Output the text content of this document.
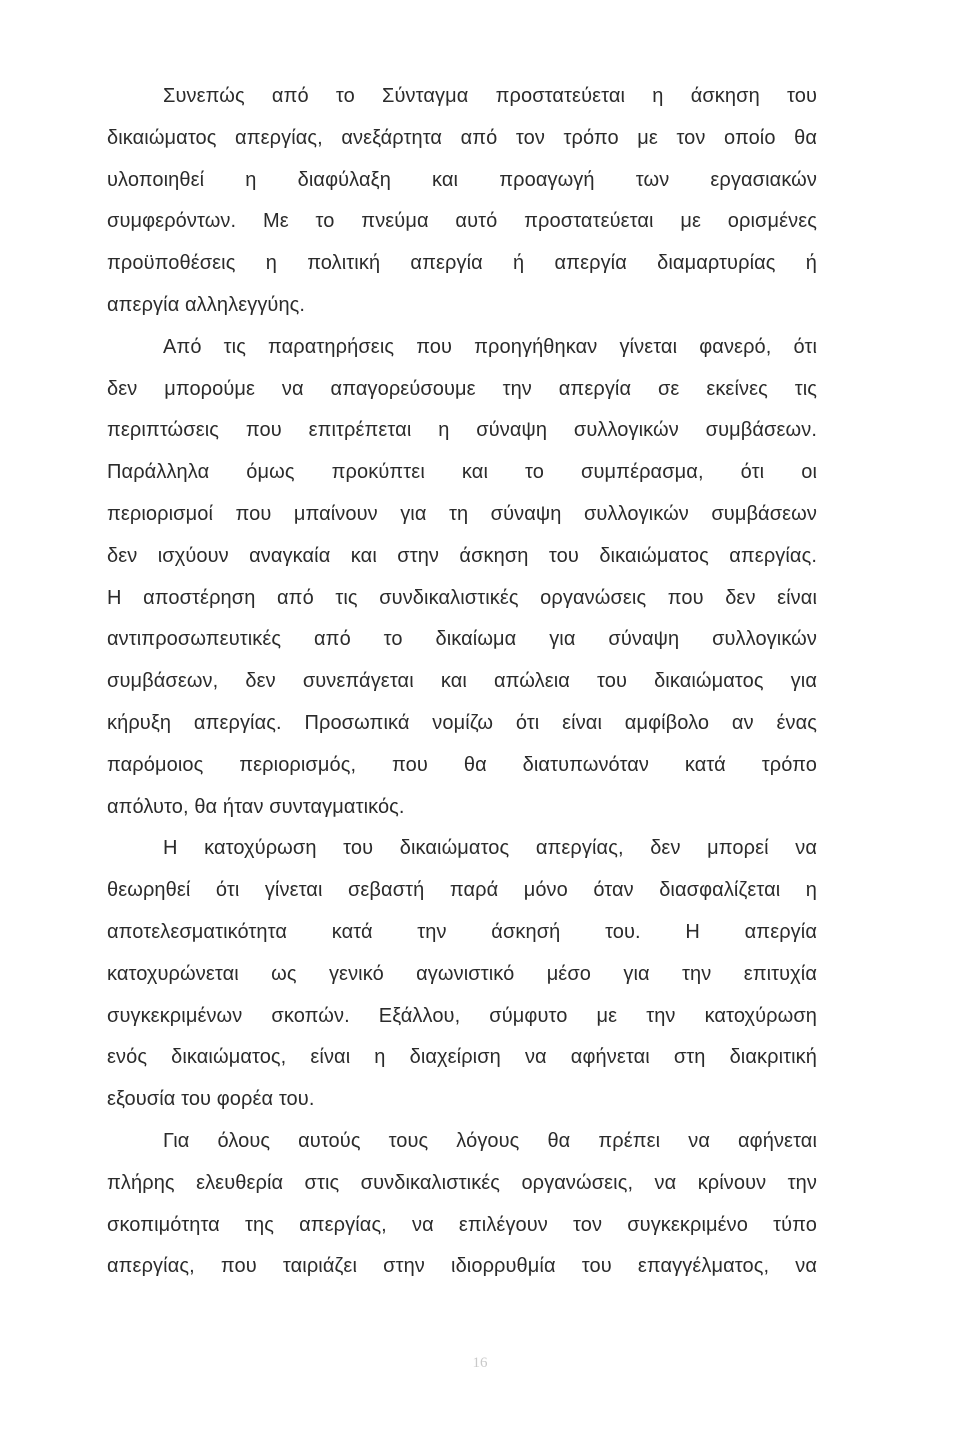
Συνεπώς από το Σύνταγμα προστατεύεται η άσκηση του
δικαιώματος απεργίας, ανεξάρτητα από τον τρόπο με τον οποίο θα
υλοποιηθεί η διαφύλαξη και προαγωγή των εργασιακών
συμφερόντων. Με το πνεύμα αυτό προστατεύεται με ορισμένες
προϋποθέσεις η πολιτική απεργία ή απεργία διαμαρτυρίας ή
απεργία αλληλεγγύης.
Από τις παρατηρήσεις που προηγήθηκαν γίνεται φανερό, ότι
δεν μπορούμε να απαγορεύσουμε την απεργία σε εκείνες τις
περιπτώσεις που επιτρέπεται η σύναψη συλλογικών συμβάσεων.
Παράλληλα όμως προκύπτει και το συμπέρασμα, ότι οι
περιορισμοί που μπαίνουν για τη σύναψη συλλογικών συμβάσεων
δεν ισχύουν αναγκαία και στην άσκηση του δικαιώματος απεργίας.
Η αποστέρηση από τις συνδικαλιστικές οργανώσεις που δεν είναι
αντιπροσωπευτικές από το δικαίωμα για σύναψη συλλογικών
συμβάσεων, δεν συνεπάγεται και απώλεια του δικαιώματος για
κήρυξη απεργίας. Προσωπικά νομίζω ότι είναι αμφίβολο αν ένας
παρόμοιος περιορισμός, που θα διατυπωνόταν κατά τρόπο
απόλυτο, θα ήταν συνταγματικός.
Η κατοχύρωση του δικαιώματος απεργίας, δεν μπορεί να
θεωρηθεί ότι γίνεται σεβαστή παρά μόνο όταν διασφαλίζεται η
αποτελεσματικότητα κατά την άσκησή του. Η απεργία
κατοχυρώνεται ως γενικό αγωνιστικό μέσο για την επιτυχία
συγκεκριμένων σκοπών. Εξάλλου, σύμφυτο με την κατοχύρωση
ενός δικαιώματος, είναι η διαχείριση να αφήνεται στη διακριτική
εξουσία του φορέα του.
Για όλους αυτούς τους λόγους θα πρέπει να αφήνεται
πλήρης ελευθερία στις συνδικαλιστικές οργανώσεις, να κρίνουν την
σκοπιμότητα της απεργίας, να επιλέγουν τον συγκεκριμένο τύπο
απεργίας, που ταιριάζει στην ιδιορρυθμία του επαγγέλματος, να
16
